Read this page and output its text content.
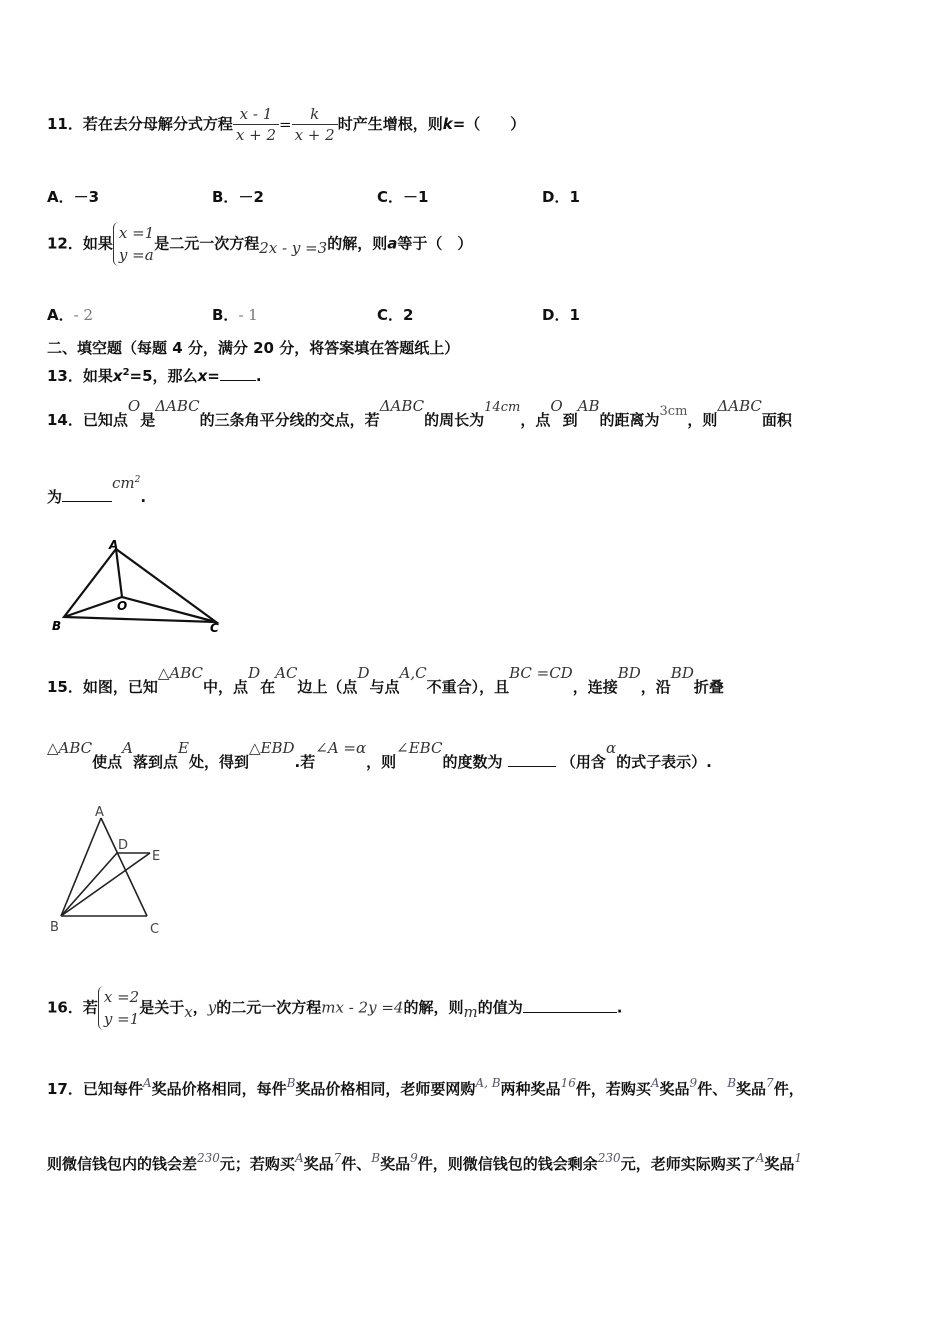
11．若在去分母解分式方程 $\frac{x - 1}{x + 2} = \frac{k}{x + 2}$ 时产生增根，则k=（　　）
A．－3	B．－2	C．－1	D．1
12．如果
x =1
y =a
是二元一次方程2x - y =3的解，则a等于（　）
A．- 2	B．- 1	C．2	D．1
二、填空题（每题 4 分，满分 20 分，将答案填在答题纸上）
13．如果$x^2=5$，那么x= .
14．已知点O是ΔABC的三条角平分线的交点，若ΔABC的周长为14cm，点O到AB的距离为3cm，则ΔABC面积
为$cm^2$.
A
B	C
O
15．如图，已知△ABC中，点D在AC边上（点D与点A,C不重合），且BC =CD，连接BD，沿BD折叠
△ABC使点A落到点E处，得到△EBD.若∠A =α，则∠EBC的度数为	（用含α的式子表示）.
A
B	C
D
E
16．若
x =2
y =1
是关于x，y的二元一次方程mx - 2y =4的解，则m的值为	.
17．已知每件$^A$奖品价格相同，每件$^B$奖品价格相同，老师要网购$^{A, B}$两种奖品$^{16}$件，若购买$^A$奖品$^9$件、$^B$奖品$^7$件，
则微信钱包内的钱会差$^{230}$元；若购买$^A$奖品$^7$件、$^B$奖品$^9$件，则微信钱包的钱会剩余$^{230}$元，老师实际购买了$^A$奖品$^1$
